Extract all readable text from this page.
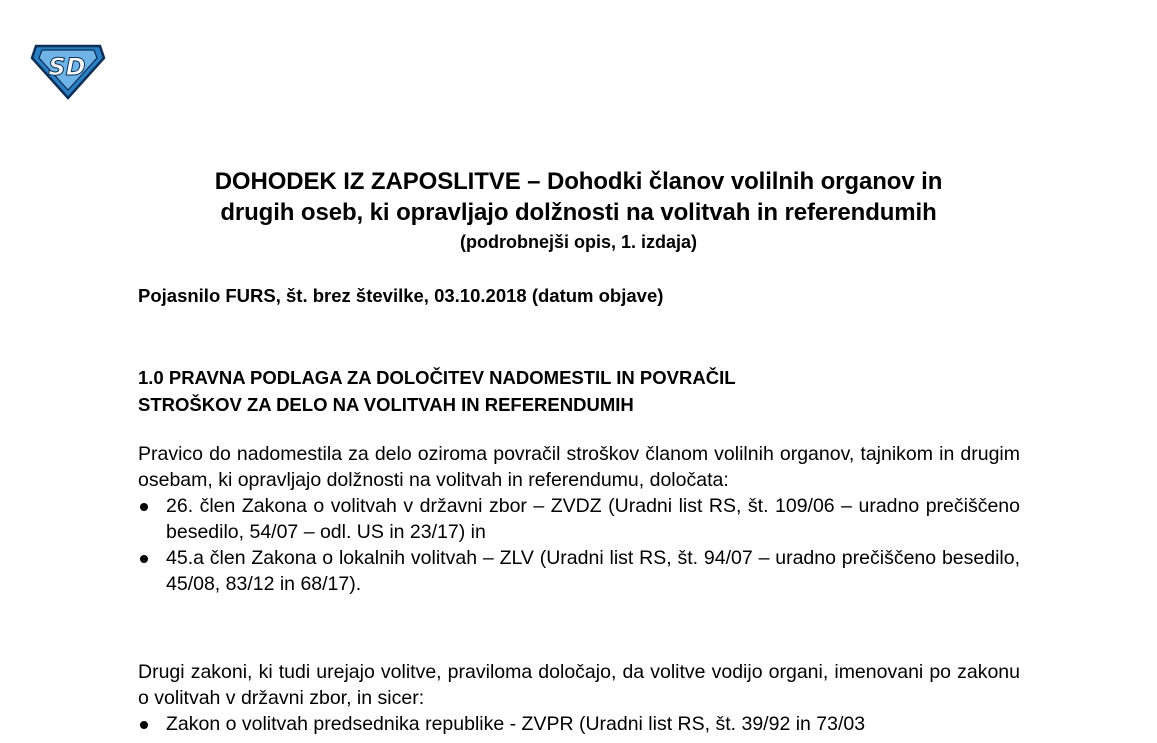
SD
DOHODEK IZ ZAPOSLITVE – Dohodki članov volilnih organov in
drugih oseb, ki opravljajo dolžnosti na volitvah in referendumih
(podrobnejši opis, 1. izdaja)
Pojasnilo FURS, št. brez številke, 03.10.2018 (datum objave)
1.0 PRAVNA PODLAGA ZA DOLOČITEV NADOMESTIL IN POVRAČIL
STROŠKOV ZA DELO NA VOLITVAH IN REFERENDUMIH

Pravico do nadomestila za delo oziroma povračil stroškov članom volilnih organov, tajnikom in drugim osebam, ki opravljajo dolžnosti na volitvah in referendumu, določata:

26. člen Zakona o volitvah v državni zbor – ZVDZ (Uradni list RS, št. 109/06 – uradno prečiščeno besedilo, 54/07 – odl. US in 23/17) in
45.a člen Zakona o lokalnih volitvah – ZLV (Uradni list RS, št. 94/07 – uradno prečiščeno besedilo, 45/08, 83/12 in 68/17).

Drugi zakoni, ki tudi urejajo volitve, praviloma določajo, da volitve vodijo organi, imenovani po zakonu o volitvah v državni zbor, in sicer:

Zakon o volitvah predsednika republike - ZVPR (Uradni list RS, št. 39/92 in 73/03
